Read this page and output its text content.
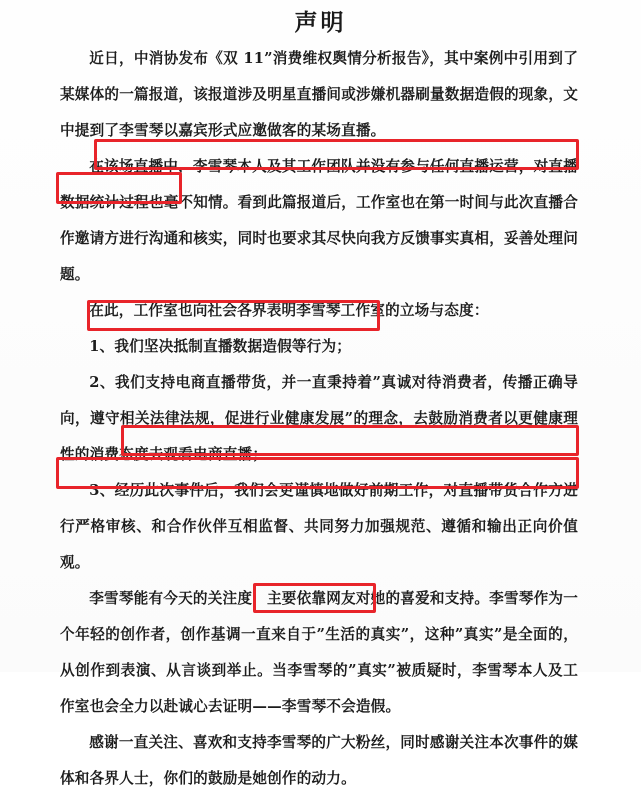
声明

近日，中消协发布《双 11”消费维权舆情分析报告》，其中案例中引用到了某媒体的一篇报道，该报道涉及明星直播间或涉嫌机器刷量数据造假的现象，文中提到了李雪琴以嘉宾形式应邀做客的某场直播。

在该场直播中，李雪琴本人及其工作团队并没有参与任何直播运营，对直播数据统计过程也毫不知情。看到此篇报道后，工作室也在第一时间与此次直播合作邀请方进行沟通和核实，同时也要求其尽快向我方反馈事实真相，妥善处理问题。

在此，工作室也向社会各界表明李雪琴工作室的立场与态度：

1、我们坚决抵制直播数据造假等行为；

2、我们支持电商直播带货，并一直秉持着”真诚对待消费者，传播正确导向，遵守相关法律法规，促进行业健康发展”的理念，去鼓励消费者以更健康理性的消费态度去观看电商直播；

3、经历此次事件后，我们会更谨慎地做好前期工作，对直播带货合作方进行严格审核、和合作伙伴互相监督、共同努力加强规范、遵循和输出正向价值观。

李雪琴能有今天的关注度，主要依靠网友对她的喜爱和支持。李雪琴作为一个年轻的创作者，创作基调一直来自于”生活的真实”，这种”真实”是全面的，从创作到表演、从言谈到举止。当李雪琴的”真实”被质疑时，李雪琴本人及工作室也会全力以赴诚心去证明——李雪琴不会造假。

感谢一直关注、喜欢和支持李雪琴的广大粉丝，同时感谢关注本次事件的媒体和各界人士，你们的鼓励是她创作的动力。
